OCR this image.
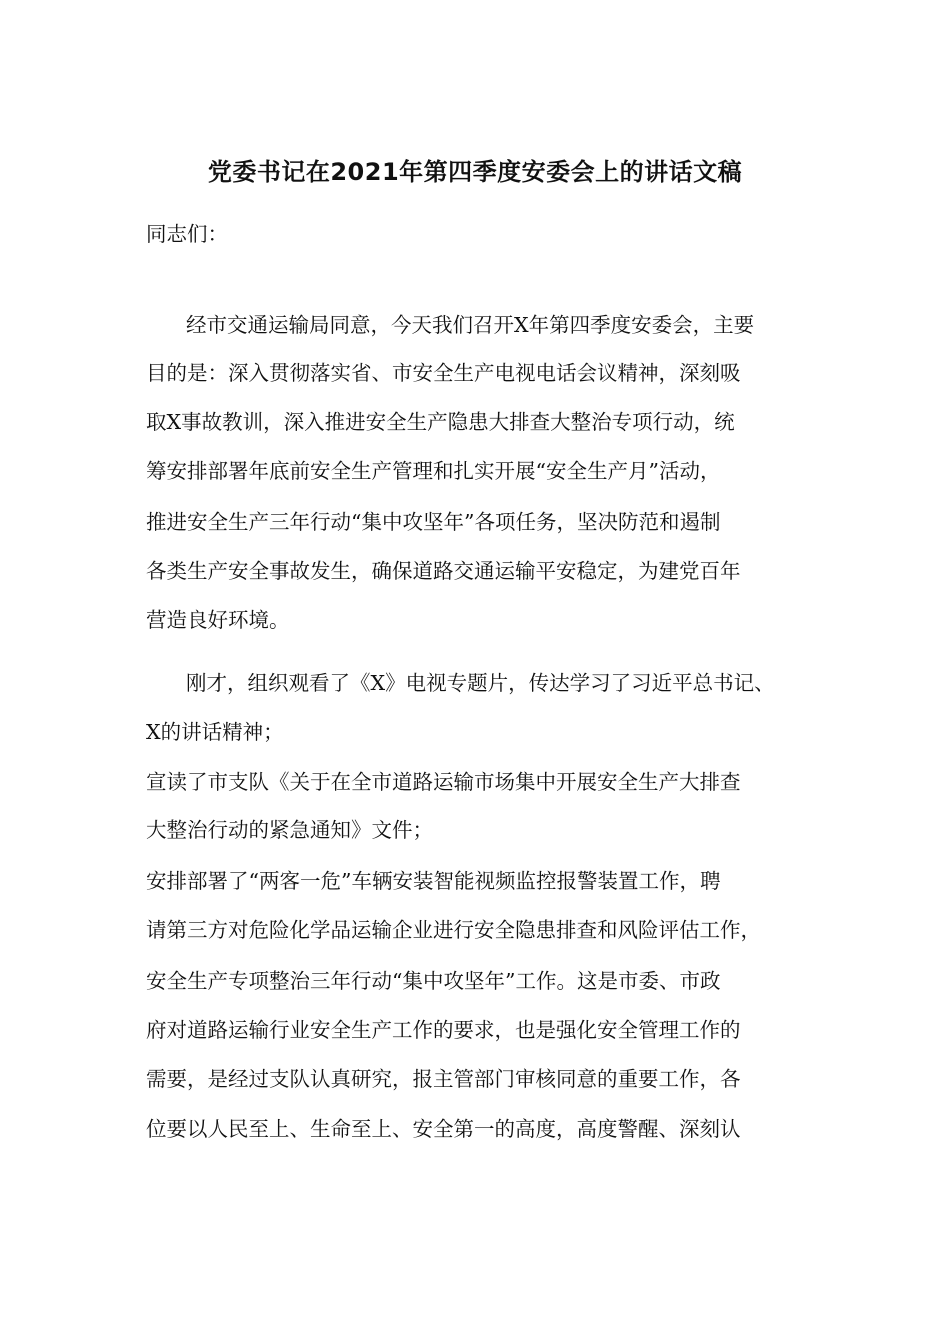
党委书记在2021年第四季度安委会上的讲话文稿
同志们：
经市交通运输局同意，今天我们召开X年第四季度安委会，主要
目的是：深入贯彻落实省、市安全生产电视电话会议精神，深刻吸
取X事故教训，深入推进安全生产隐患大排查大整治专项行动，统
筹安排部署年底前安全生产管理和扎实开展“安全生产月”活动，
推进安全生产三年行动“集中攻坚年”各项任务，坚决防范和遏制
各类生产安全事故发生，确保道路交通运输平安稳定，为建党百年
营造良好环境。
刚才，组织观看了《X》电视专题片，传达学习了习近平总书记、
X的讲话精神；
宣读了市支队《关于在全市道路运输市场集中开展安全生产大排查
大整治行动的紧急通知》文件；
安排部署了“两客一危”车辆安装智能视频监控报警装置工作，聘
请第三方对危险化学品运输企业进行安全隐患排查和风险评估工作，
安全生产专项整治三年行动“集中攻坚年”工作。这是市委、市政
府对道路运输行业安全生产工作的要求，也是强化安全管理工作的
需要，是经过支队认真研究，报主管部门审核同意的重要工作，各
位要以人民至上、生命至上、安全第一的高度，高度警醒、深刻认
